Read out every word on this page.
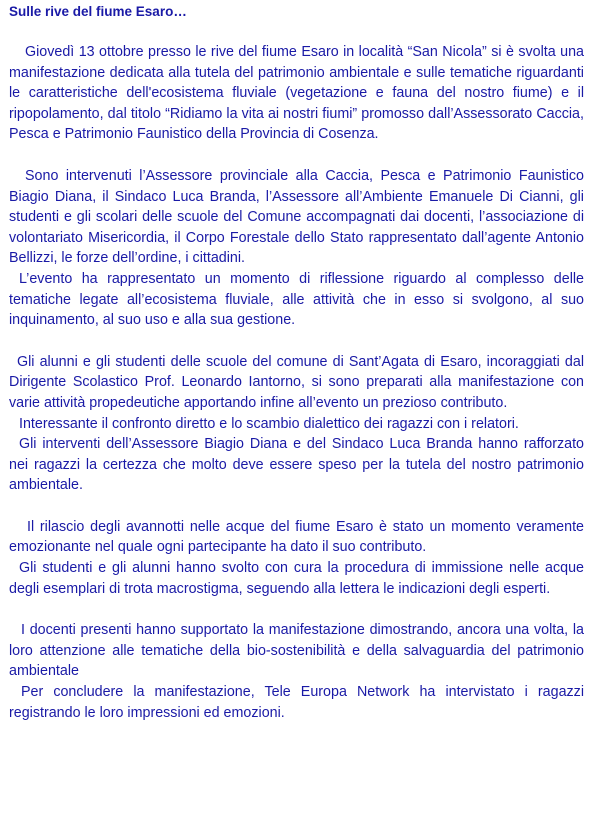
Sulle rive del fiume Esaro…

Giovedì 13 ottobre presso le rive del fiume Esaro in località “San Nicola” si è svolta una manifestazione dedicata alla tutela del patrimonio ambientale e sulle tematiche riguardanti le caratteristiche dell'ecosistema fluviale (vegetazione e fauna del nostro fiume) e il ripopolamento, dal titolo “Ridiamo la vita ai nostri fiumi” promosso dall’Assessorato Caccia, Pesca e Patrimonio Faunistico della Provincia di Cosenza.

Sono intervenuti l’Assessore provinciale alla Caccia, Pesca e Patrimonio Faunistico Biagio Diana, il Sindaco Luca Branda, l’Assessore all’Ambiente Emanuele Di Cianni, gli studenti e gli scolari delle scuole del Comune accompagnati dai docenti, l’associazione di volontariato Misericordia, il Corpo Forestale dello Stato rappresentato dall’agente Antonio Bellizzi, le forze dell’ordine, i cittadini.

L’evento ha rappresentato un momento di riflessione riguardo al complesso delle tematiche legate all’ecosistema fluviale, alle attività che in esso si svolgono, al suo inquinamento, al suo uso e alla sua gestione.

Gli alunni e gli studenti delle scuole del comune di Sant’Agata di Esaro, incoraggiati dal Dirigente Scolastico Prof. Leonardo Iantorno, si sono preparati alla manifestazione con varie attività propedeutiche apportando infine all’evento un prezioso contributo.

Interessante il confronto diretto e lo scambio dialettico dei ragazzi con i relatori.

Gli interventi dell’Assessore Biagio Diana e del Sindaco Luca Branda hanno rafforzato nei ragazzi la certezza che molto deve essere speso per la tutela del nostro patrimonio ambientale.

Il rilascio degli avannotti nelle acque del fiume Esaro è stato un momento veramente emozionante nel quale ogni partecipante ha dato il suo contributo.

Gli studenti e gli alunni hanno svolto con cura la procedura di immissione nelle acque degli esemplari di trota macrostigma, seguendo alla lettera le indicazioni degli esperti.

I docenti presenti hanno supportato la manifestazione dimostrando, ancora una volta, la loro attenzione alle tematiche della bio-sostenibilità e della salvaguardia del patrimonio ambientale

Per concludere la manifestazione, Tele Europa Network ha intervistato i ragazzi registrando le loro impressioni ed emozioni.
